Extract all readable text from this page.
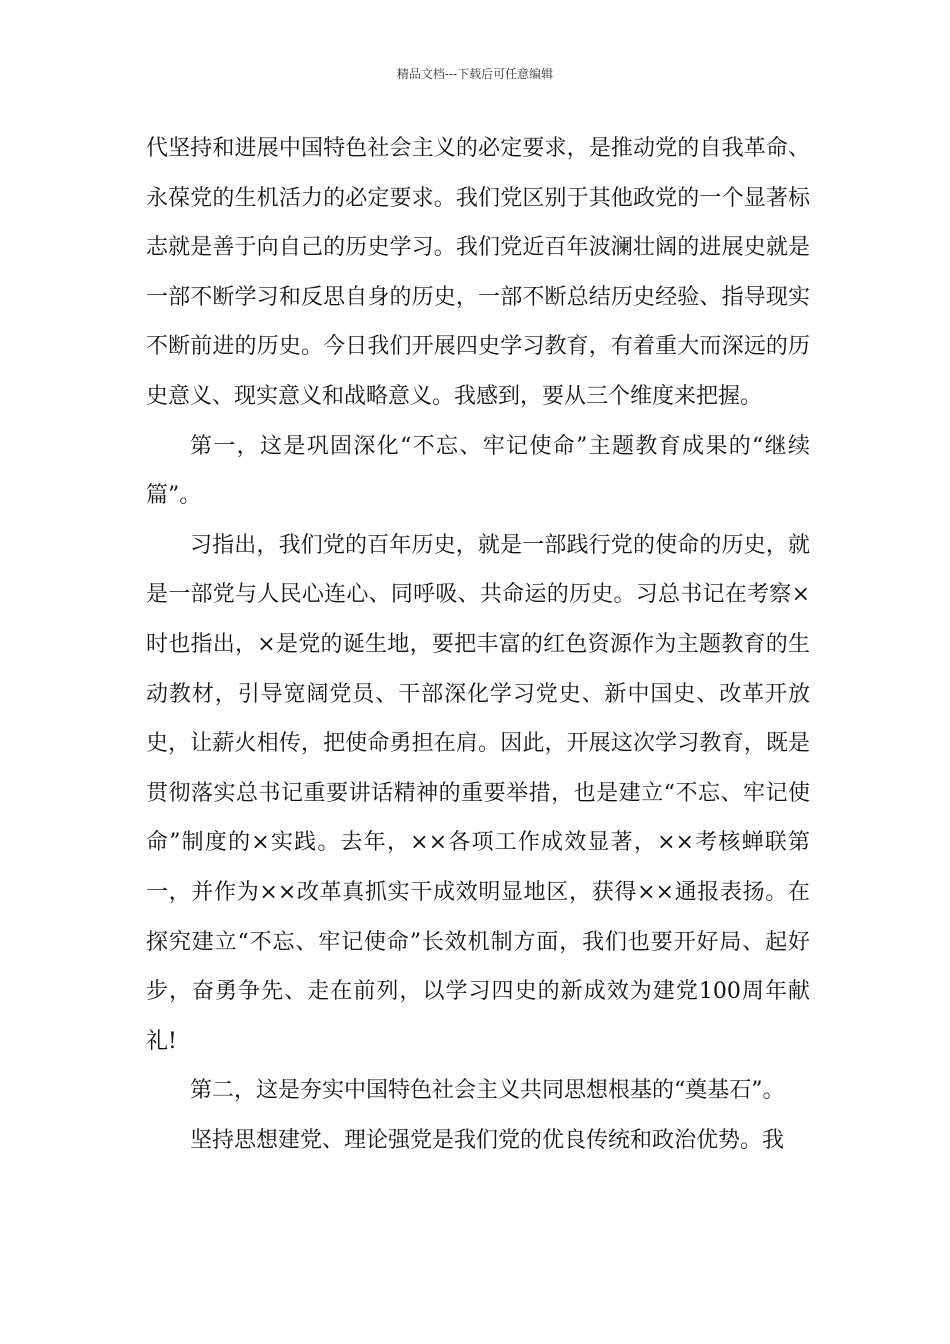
精品文档---下载后可任意编辑

代坚持和进展中国特色社会主义的必定要求，是推动党的自我革命、永葆党的生机活力的必定要求。我们党区别于其他政党的一个显著标志就是善于向自己的历史学习。我们党近百年波澜壮阔的进展史就是一部不断学习和反思自身的历史，一部不断总结历史经验、指导现实不断前进的历史。今日我们开展四史学习教育，有着重大而深远的历史意义、现实意义和战略意义。我感到，要从三个维度来把握。

第一，这是巩固深化“不忘、牢记使命”主题教育成果的“继续篇”。

习指出，我们党的百年历史，就是一部践行党的使命的历史，就是一部党与人民心连心、同呼吸、共命运的历史。习总书记在考察×时也指出，×是党的诞生地，要把丰富的红色资源作为主题教育的生动教材，引导宽阔党员、干部深化学习党史、新中国史、改革开放史，让薪火相传，把使命勇担在肩。因此，开展这次学习教育，既是贯彻落实总书记重要讲话精神的重要举措，也是建立“不忘、牢记使命”制度的×实践。去年，××各项工作成效显著，××考核蝉联第一，并作为××改革真抓实干成效明显地区，获得××通报表扬。在探究建立“不忘、牢记使命”长效机制方面，我们也要开好局、起好步，奋勇争先、走在前列，以学习四史的新成效为建党100周年献礼!

第二，这是夯实中国特色社会主义共同思想根基的“奠基石”。

坚持思想建党、理论强党是我们党的优良传统和政治优势。我
